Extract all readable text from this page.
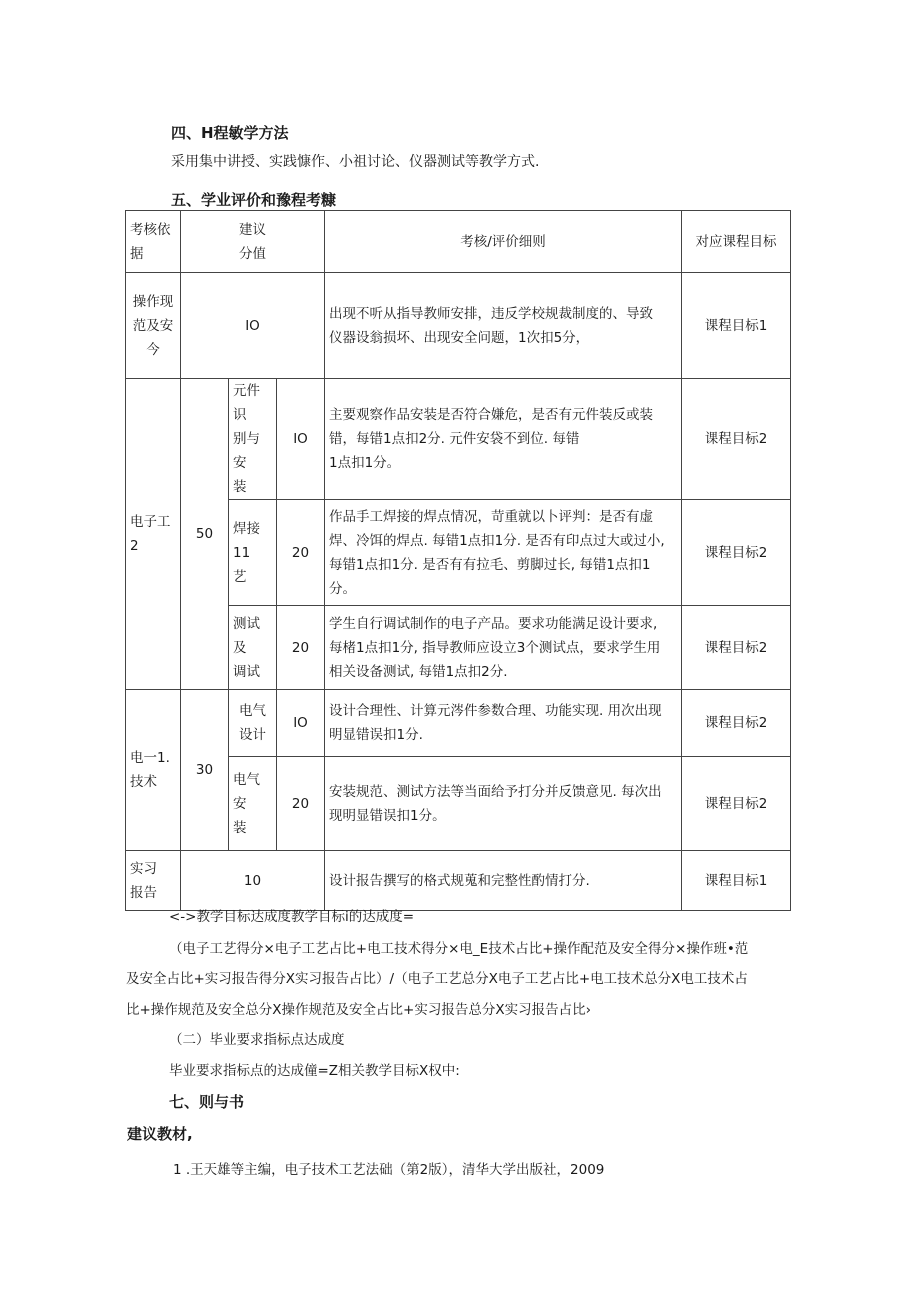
四、H程敏学方法
采用集中讲授、实践慷作、小祖讨论、仪器测试等教学方式.
五、学业评价和豫程考糠
考核依
据	建议
分值			考核/评价细则	对应课程目标
操作现
范及安
今	IO			出现不听从指导教师安排，违反学校规裁制度的、导致
仪器设翁损坏、出现安全问题，1次扣5分，	课程目标1
电子工2	50	元件识
别与安
装	IO	主要观察作品安装是否符合嫌危，是否有元件装反或装
错，每错1点扣2分. 元件安袋不到位. 每错
1点扣1分。	课程目标2
		焊接11
艺	20	作品手工焊接的焊点情况，苛重就以卜评判：是否有虚
焊、冷饵的焊点. 每错1点扣1分. 是否有印点过大或过小,
每错1点扣1分. 是否有有拉毛、剪脚过长, 每错1点扣1分。	课程目标2
		测试及
调试	20	学生自行调试制作的电子产品。要求功能满足设计要求,
每楮1点扣1分, 指导教师应设立3个测试点，要求学生用
相关设备测试, 每错1点扣2分.	课程目标2
电一1.
技术	30	电气
设计	IO	设计合理性、计算元涔件参数合理、功能实现. 用次出现
明显错误扣1分.	课程目标2
		电气安
装	20	安装规范、测试方法等当面给予打分并反馈意见. 每次出
现明显错误扣1分。	课程目标2
实习
报告	10			设计报告撰写的格式规蒐和完整性酌情打分.	课程目标1
<->教学目标达成度教学目标i的达成度=
（电子工艺得分×电子工艺占比+电工技术得分×电_E技术占比+操作配范及安全得分×操作班•范
及安全占比+实习报告得分X实习报告占比）/（电子工艺总分X电子工艺占比+电工技术总分X电工技术占
比+操作规范及安全总分X操作规范及安全占比+实习报告总分X实习报告占比›
（二）毕业要求指标点达成度
毕业要求指标点的达成僮=Z相关教学目标X权中:
七、则与书
建议教材,
1 .王天雄等主编，电子技术工艺法础（第2版），清华大学出版社，2009
